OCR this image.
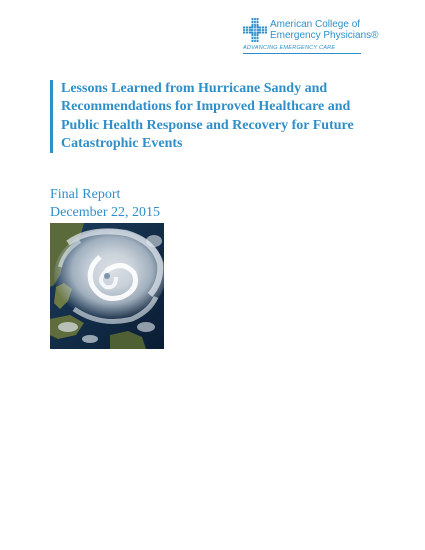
American College of
Emergency Physicians®
ADVANCING EMERGENCY CARE
Lessons Learned from Hurricane Sandy and Recommendations for Improved Healthcare and Public Health Response and Recovery for Future Catastrophic Events
Final Report
December 22, 2015
